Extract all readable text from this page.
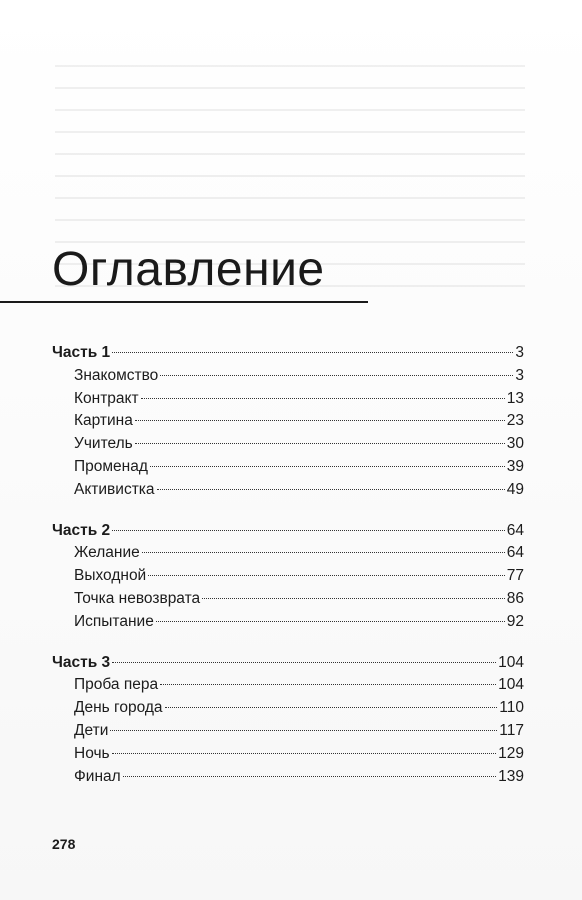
Оглавление
Часть 1	3
Знакомство	3
Контракт	13
Картина	23
Учитель	30
Променад	39
Активистка	49
Часть 2	64
Желание	64
Выходной	77
Точка невозврата	86
Испытание	92
Часть 3	104
Проба пера	104
День города	110
Дети	117
Ночь	129
Финал	139
278
